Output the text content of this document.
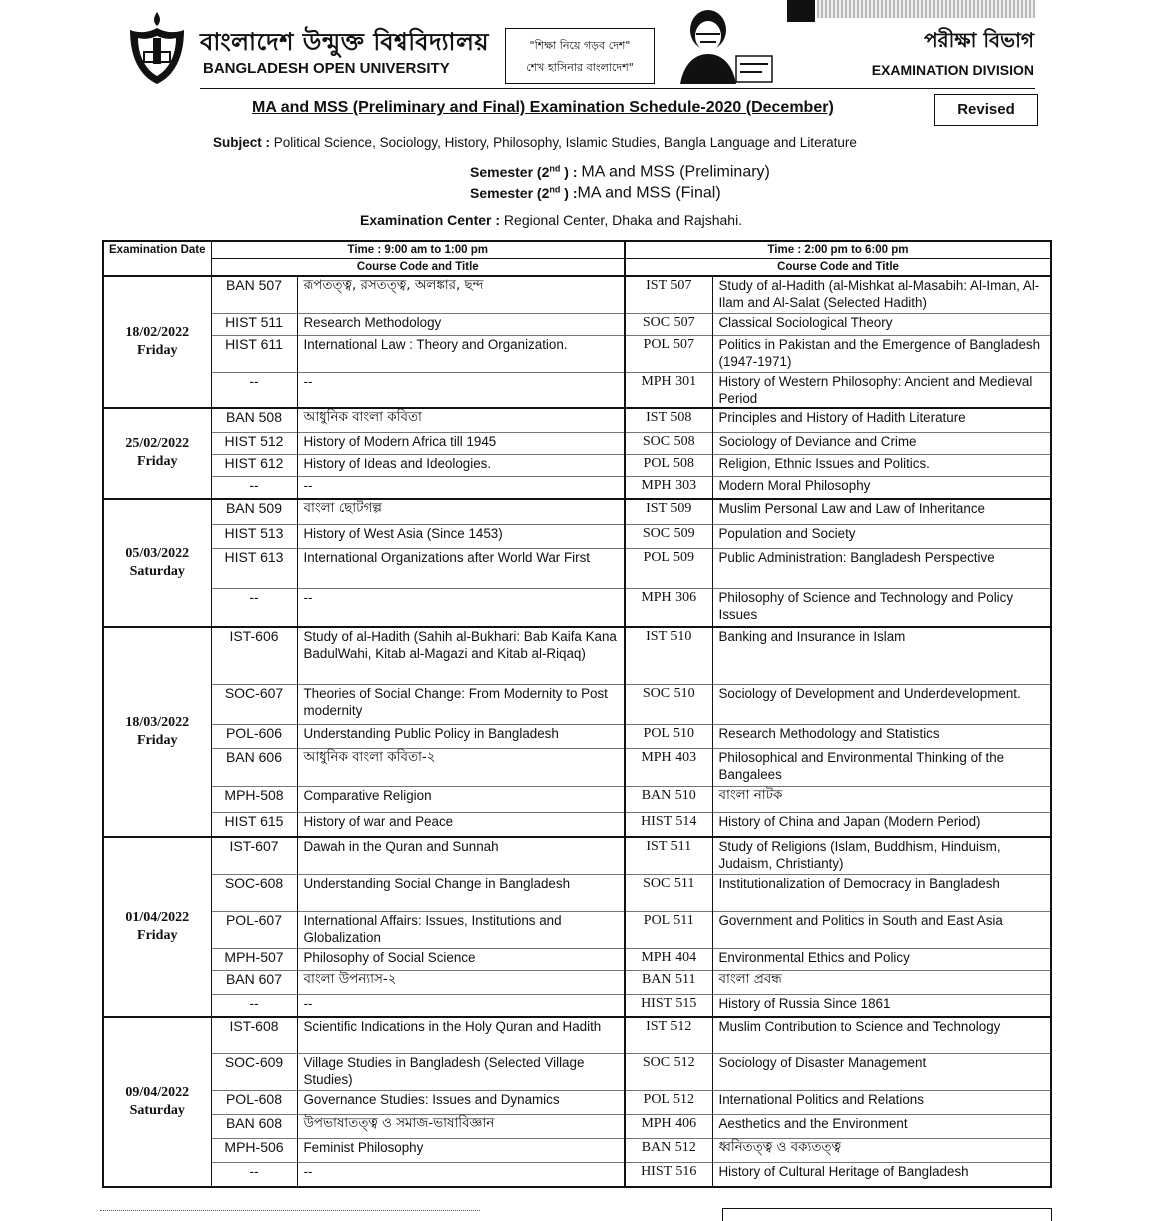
বাংলাদেশ উন্মুক্ত বিশ্ববিদ্যালয়
BANGLADESH OPEN UNIVERSITY
"শিক্ষা নিয়ে গড়ব দেশ"
শেখ হাসিনার বাংলাদেশ"
পরীক্ষা বিভাগ
EXAMINATION DIVISION
MA and MSS (Preliminary and Final) Examination Schedule-2020 (December)	Revised
Subject : Political Science, Sociology, History, Philosophy, Islamic Studies, Bangla Language and Literature
Semester (2nd ) : MA and MSS (Preliminary)
Semester (2nd ) :MA and MSS (Final)
Examination Center : Regional Center, Dhaka and Rajshahi.
Examination Date	Time : 9:00 am to 1:00 pm		Time : 2:00 pm to 6:00 pm	
	Course Code and Title		Course Code and Title	

18/02/2022
Friday	BAN 507	রূপতত্ত্ব, রসতত্ত্ব, অলঙ্কার, ছন্দ	IST 507	Study of al-Hadith (al-Mishkat al-Masabih: Al-Iman, Al-Ilam and Al-Salat (Selected Hadith)
	HIST 511	Research Methodology	SOC 507	Classical Sociological Theory
	HIST 611	International Law : Theory and Organization.	POL 507	Politics in Pakistan and the Emergence of Bangladesh (1947-1971)
	--	--	MPH 301	History of Western Philosophy: Ancient and Medieval Period

25/02/2022
Friday	BAN 508	আধুনিক বাংলা কবিতা	IST 508	Principles and History of Hadith Literature
	HIST 512	History of Modern Africa till 1945	SOC 508	Sociology of Deviance and Crime
	HIST 612	History of Ideas and Ideologies.	POL 508	Religion, Ethnic Issues and Politics.
	--	--	MPH 303	Modern Moral Philosophy

05/03/2022
Saturday	BAN 509	বাংলা ছোটগল্প	IST 509	Muslim Personal Law and Law of Inheritance
	HIST 513	History of West Asia (Since 1453)	SOC 509	Population and Society
	HIST 613	International Organizations after World War First	POL 509	Public Administration: Bangladesh Perspective
	--	--	MPH 306	Philosophy of Science and Technology and Policy Issues

18/03/2022
Friday	IST-606	Study of al-Hadith (Sahih al-Bukhari: Bab Kaifa Kana BadulWahi, Kitab al-Magazi and Kitab al-Riqaq)	IST 510	Banking and Insurance in Islam
	SOC-607	Theories of Social Change: From Modernity to Post modernity	SOC 510	Sociology of Development and Underdevelopment.
	POL-606	Understanding Public Policy in Bangladesh	POL 510	Research Methodology and Statistics
	BAN 606	আধুনিক বাংলা কবিতা-২	MPH 403	Philosophical and Environmental Thinking of the Bangalees
	MPH-508	Comparative Religion	BAN 510	বাংলা নাটক
	HIST 615	History of war and Peace	HIST 514	History of China and Japan (Modern Period)

01/04/2022
Friday	IST-607	Dawah in the Quran and Sunnah	IST 511	Study of Religions (Islam, Buddhism, Hinduism, Judaism, Christianty)
	SOC-608	Understanding Social Change in Bangladesh	SOC 511	Institutionalization of Democracy in Bangladesh
	POL-607	International Affairs: Issues, Institutions and Globalization	POL 511	Government and Politics in South and East Asia
	MPH-507	Philosophy of Social Science	MPH 404	Environmental Ethics and Policy
	BAN 607	বাংলা উপন্যাস-২	BAN 511	বাংলা প্রবন্ধ
	--	--	HIST 515	History of Russia Since 1861

09/04/2022
Saturday	IST-608	Scientific Indications in the Holy Quran and Hadith	IST 512	Muslim Contribution to Science and Technology
	SOC-609	Village Studies in Bangladesh (Selected Village Studies)	SOC 512	Sociology of Disaster Management
	POL-608	Governance Studies: Issues and Dynamics	POL 512	International Politics and Relations
	BAN 608	উপভাষাতত্ত্ব ও সমাজ-ভাষাবিজ্ঞান	MPH 406	Aesthetics and the Environment
	MPH-506	Feminist Philosophy	BAN 512	ধ্বনিতত্ত্ব ও বক্যতত্ত্ব
	--	--	HIST 516	History of Cultural Heritage of Bangladesh
